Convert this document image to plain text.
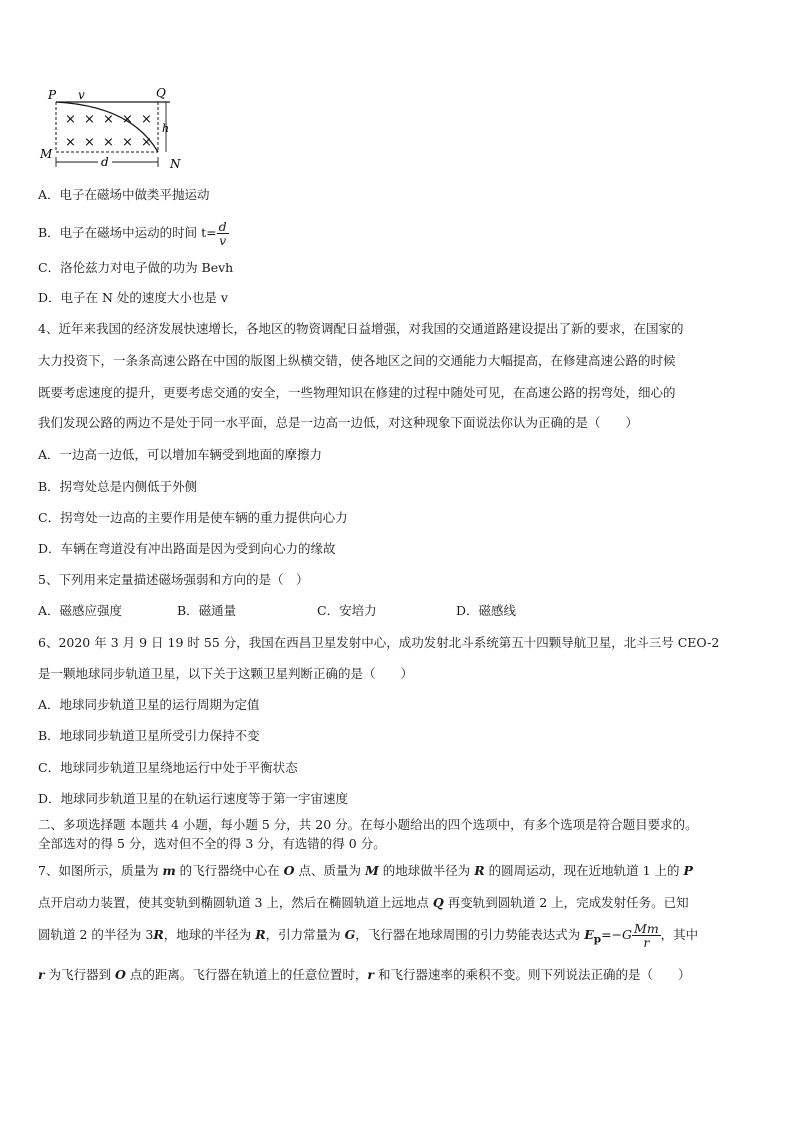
P v	Q
× × × × ×
× × × × ×
h
M
N
d
A．电子在磁场中做类平抛运动
B．电子在磁场中运动的时间 $t= \frac{d}{v}$
C．洛伦兹力对电子做的功为 Bevh
D．电子在 N 处的速度大小也是 v
4、近年来我国的经济发展快速增长，各地区的物资调配日益增强，对我国的交通道路建设提出了新的要求，在国家的
大力投资下，一条条高速公路在中国的版图上纵横交错，使各地区之间的交通能力大幅提高，在修建高速公路的时候
既要考虑速度的提升，更要考虑交通的安全，一些物理知识在修建的过程中随处可见，在高速公路的拐弯处，细心的
我们发现公路的两边不是处于同一水平面，总是一边高一边低，对这种现象下面说法你认为正确的是（　　）
A．一边高一边低，可以增加车辆受到地面的摩擦力
B．拐弯处总是内侧低于外侧
C．拐弯处一边高的主要作用是使车辆的重力提供向心力
D．车辆在弯道没有冲出路面是因为受到向心力的缘故
5、下列用来定量描述磁场强弱和方向的是（　）
A．磁感应强度	B．磁通量	C．安培力	D．磁感线
6、2020 年 3 月 9 日 19 时 55 分，我国在西昌卫星发射中心，成功发射北斗系统第五十四颗导航卫星，北斗三号 CEO-2
是一颗地球同步轨道卫星，以下关于这颗卫星判断正确的是（　　）
A．地球同步轨道卫星的运行周期为定值
B．地球同步轨道卫星所受引力保持不变
C．地球同步轨道卫星绕地运行中处于平衡状态
D．地球同步轨道卫星的在轨运行速度等于第一宇宙速度
二、多项选择题 本题共 4 小题，每小题 5 分，共 20 分。在每小题给出的四个选项中，有多个选项是符合题目要求的。
全部选对的得 5 分，选对但不全的得 3 分，有选错的得 0 分。
7、如图所示，质量为 m 的飞行器绕中心在 O 点、质量为 M 的地球做半径为 R 的圆周运动，现在近地轨道 1 上的 P
点开启动力装置，使其变轨到椭圆轨道 3 上，然后在椭圆轨道上远地点 Q 再变轨到圆轨道 2 上，完成发射任务。已知
圆轨道 2 的半径为 3R，地球的半径为 R，引力常量为 G，飞行器在地球周围的引力势能表达式为 $E_p=-G \frac{Mm}{r}$ ，其中
r 为飞行器到 O 点的距离。飞行器在轨道上的任意位置时，r 和飞行器速率的乘积不变。则下列说法正确的是（　　）
